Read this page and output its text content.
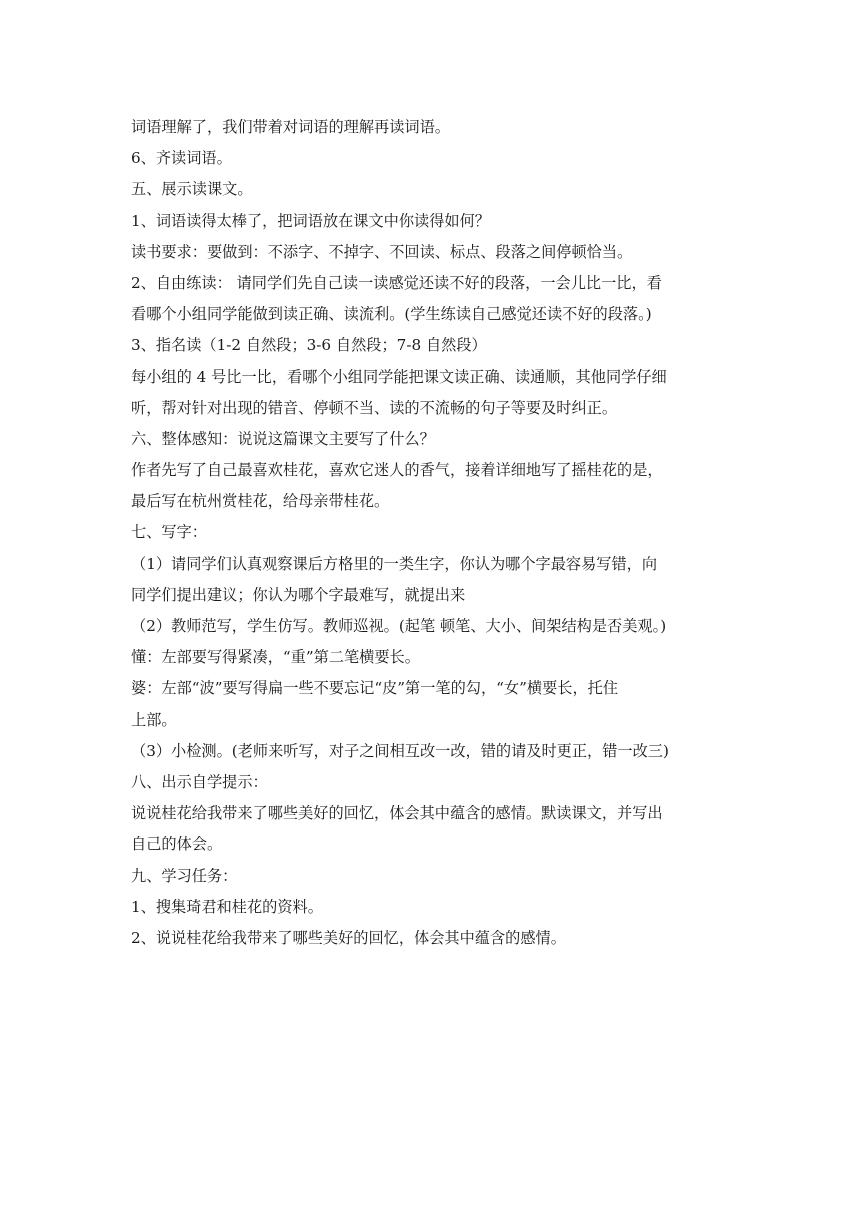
词语理解了，我们带着对词语的理解再读词语。
6、齐读词语。
五、展示读课文。
1、词语读得太棒了，把词语放在课文中你读得如何？
读书要求：要做到：不添字、不掉字、不回读、标点、段落之间停顿恰当。
2、自由练读： 请同学们先自己读一读感觉还读不好的段落，一会儿比一比，看
看哪个小组同学能做到读正确、读流利。(学生练读自己感觉还读不好的段落。)
3、指名读（1-2 自然段；3-6 自然段；7-8 自然段）
每小组的 4 号比一比，看哪个小组同学能把课文读正确、读通顺，其他同学仔细
听，帮对针对出现的错音、停顿不当、读的不流畅的句子等要及时纠正。
六、整体感知：说说这篇课文主要写了什么？
作者先写了自己最喜欢桂花，喜欢它迷人的香气，接着详细地写了摇桂花的是，
最后写在杭州赏桂花，给母亲带桂花。
七、写字：
（1）请同学们认真观察课后方格里的一类生字，你认为哪个字最容易写错，向
同学们提出建议；你认为哪个字最难写，就提出来
（2）教师范写，学生仿写。教师巡视。(起笔 顿笔、大小、间架结构是否美观。)
懂：左部要写得紧凑，“重”第二笔横要长。
婆：左部“波”要写得扁一些不要忘记“皮”第一笔的勾，“女”横要长，托住
上部。
（3）小检测。(老师来听写，对子之间相互改一改，错的请及时更正，错一改三)
八、出示自学提示：
说说桂花给我带来了哪些美好的回忆，体会其中蕴含的感情。默读课文，并写出
自己的体会。
九、学习任务：
1、搜集琦君和桂花的资料。
2、说说桂花给我带来了哪些美好的回忆，体会其中蕴含的感情。
